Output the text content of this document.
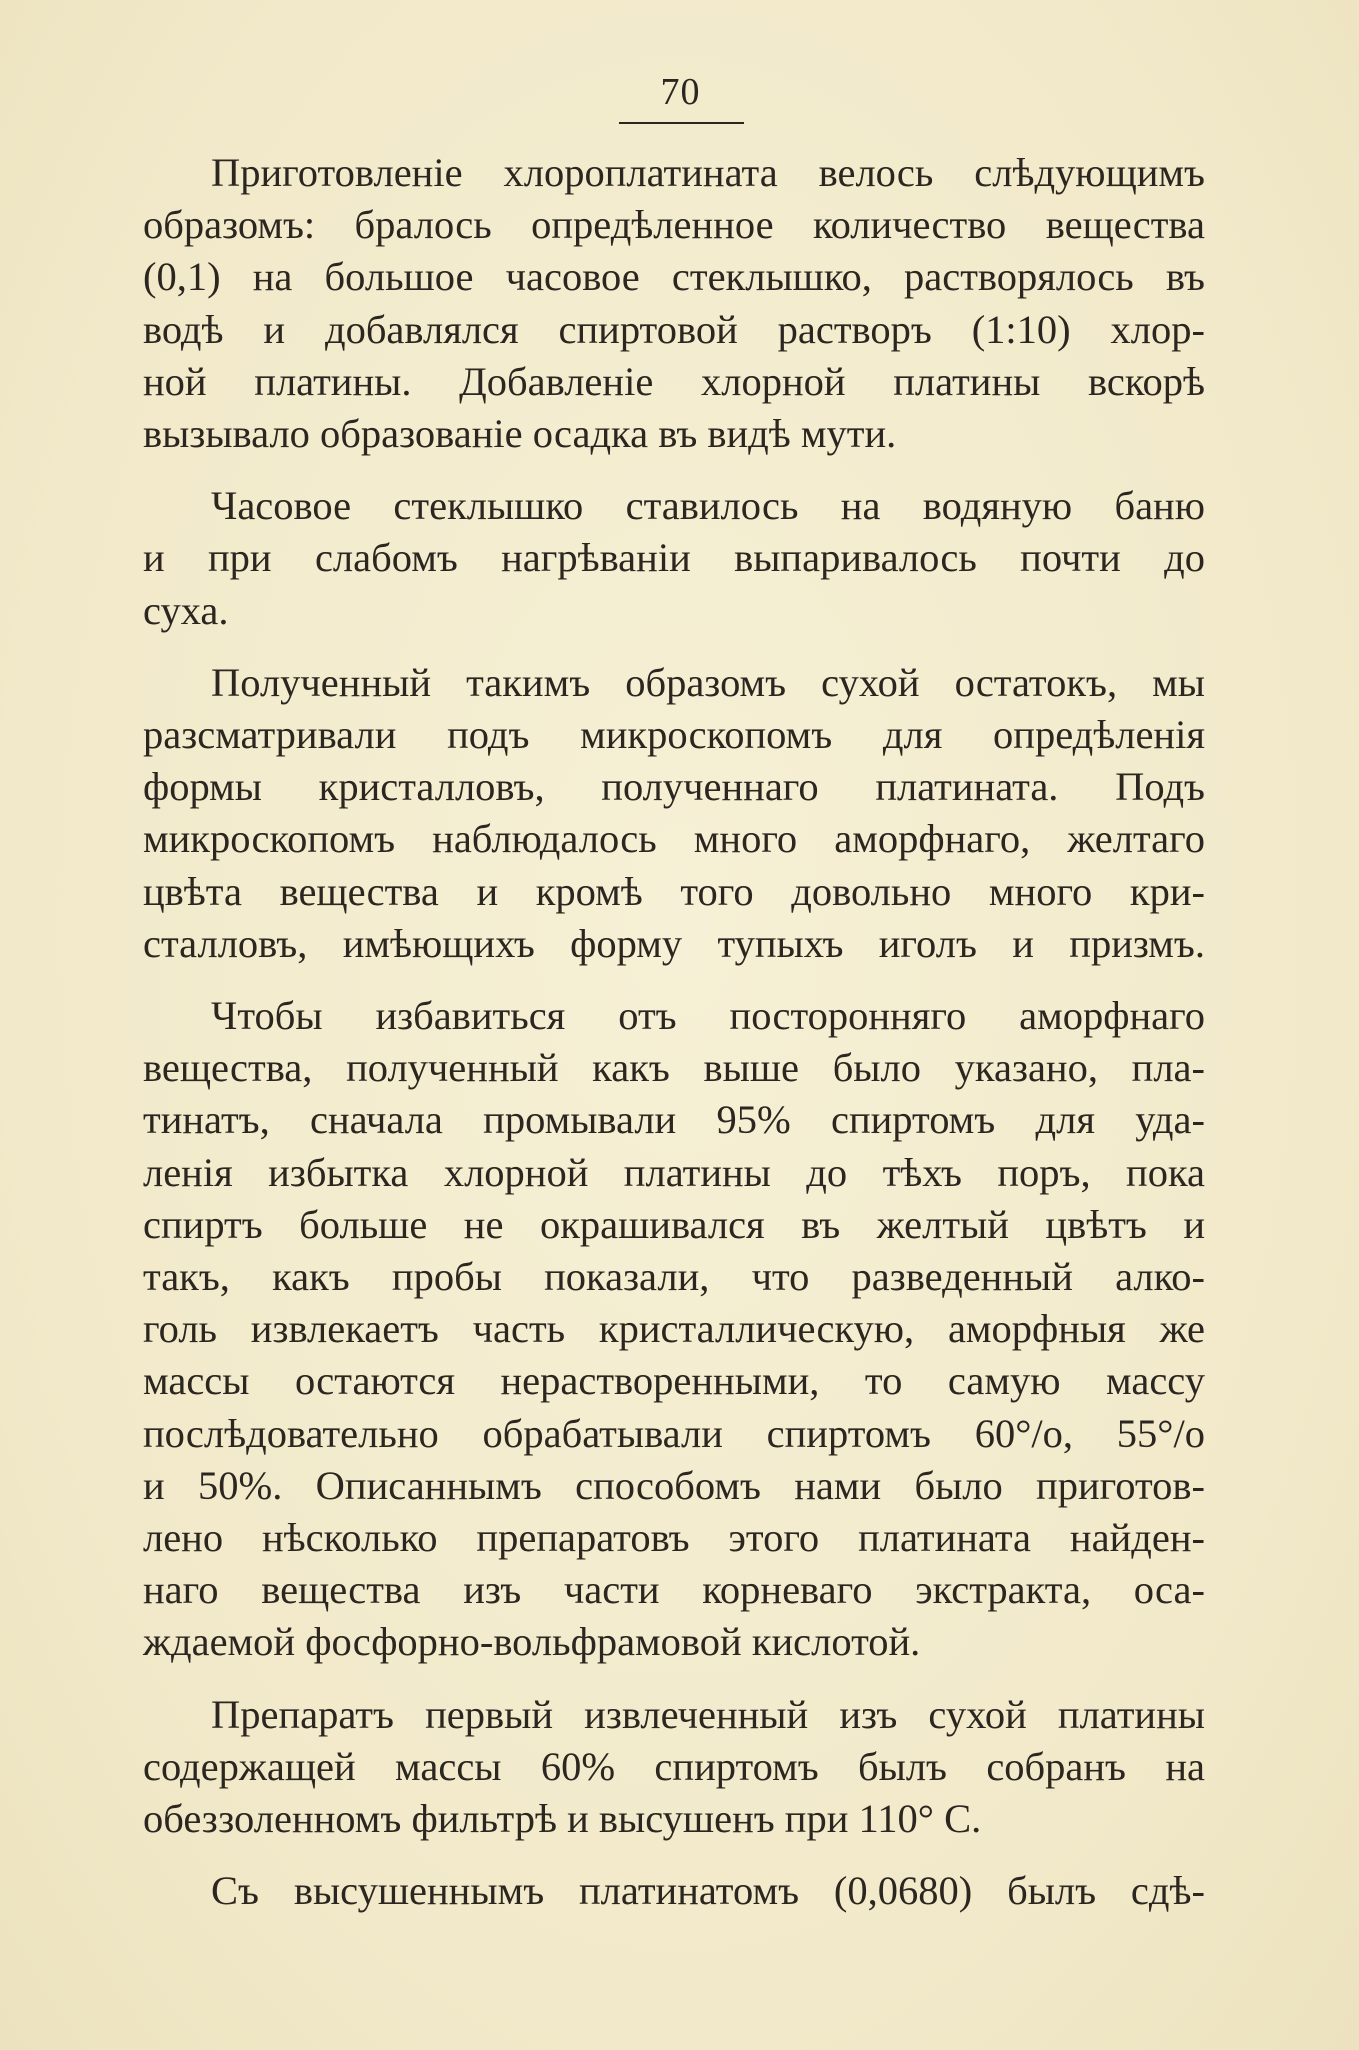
70

Приготовленіе хлороплатината велось слѣдующимъ
образомъ: бралось опредѣленное количество вещества
(0,1) на большое часовое стеклышко, растворялось въ
водѣ и добавлялся спиртовой растворъ (1:10) хлор-
ной платины. Добавленіе хлорной платины вскорѣ
вызывало образованіе осадка въ видѣ мути.

Часовое стеклышко ставилось на водяную баню
и при слабомъ нагрѣваніи выпаривалось почти до
суха.

Полученный такимъ образомъ сухой остатокъ, мы
разсматривали подъ микроскопомъ для опредѣленія
формы кристалловъ, полученнаго платината. Подъ
микроскопомъ наблюдалось много аморфнаго, желтаго
цвѣта вещества и кромѣ того довольно много кри-
сталловъ, имѣющихъ форму тупыхъ иголъ и призмъ.

Чтобы избавиться отъ посторонняго аморфнаго
вещества, полученный какъ выше было указано, пла-
тинатъ, сначала промывали 95% спиртомъ для уда-
ленія избытка хлорной платины до тѣхъ поръ, пока
спиртъ больше не окрашивался въ желтый цвѣтъ и
такъ, какъ пробы показали, что разведенный алко-
голь извлекаетъ часть кристаллическую, аморфныя же
массы остаются нерастворенными, то самую массу
послѣдовательно обрабатывали спиртомъ 60°/o, 55°/o
и 50%. Описаннымъ способомъ нами было приготов-
лено нѣсколько препаратовъ этого платината найден-
наго вещества изъ части корневаго экстракта, оса-
ждаемой фосфорно-вольфрамовой кислотой.

Препаратъ первый извлеченный изъ сухой платины
содержащей массы 60% спиртомъ былъ собранъ на
обеззоленномъ фильтрѣ и высушенъ при 110° С.

Съ высушеннымъ платинатомъ (0,0680) былъ сдѣ-
